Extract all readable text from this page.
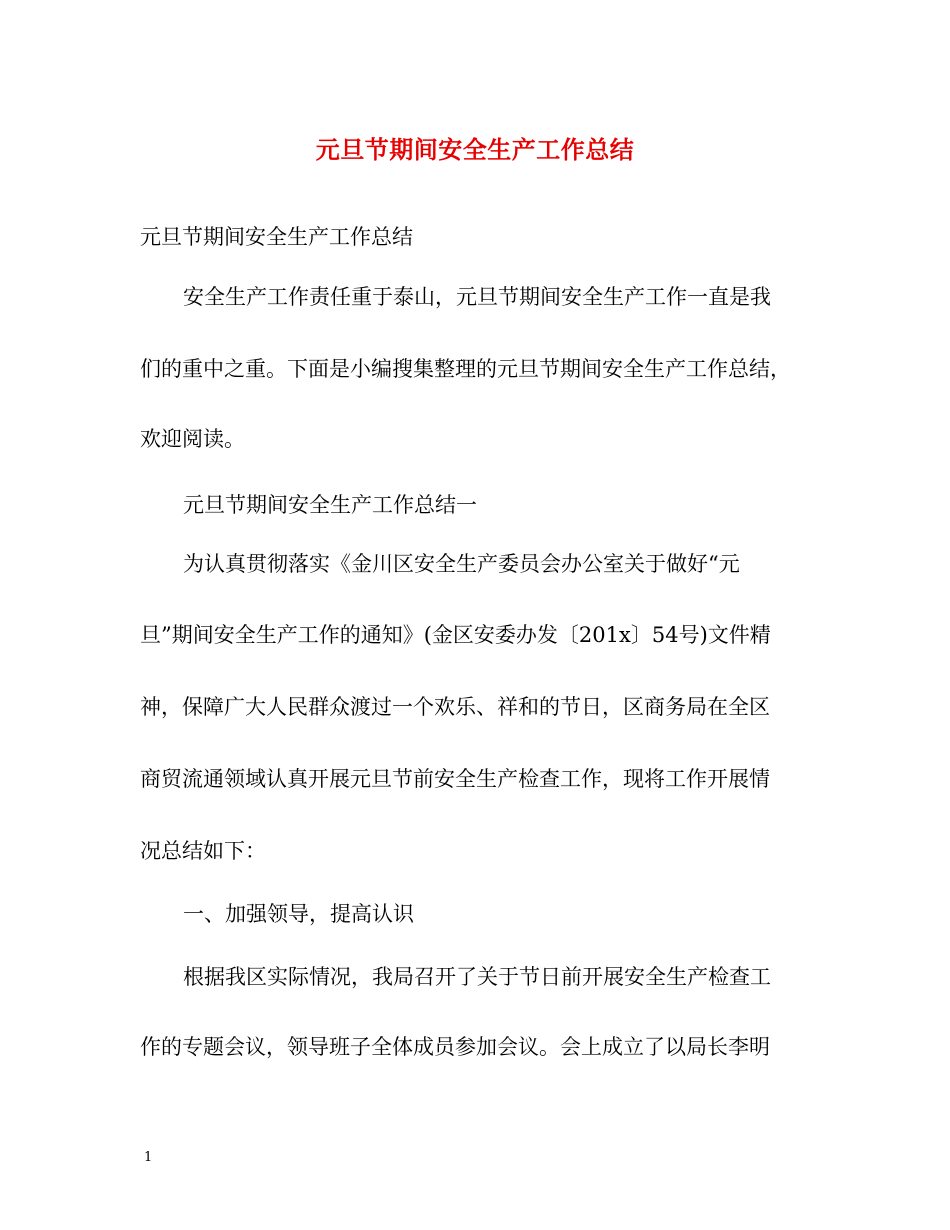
元旦节期间安全生产工作总结
元旦节期间安全生产工作总结
安全生产工作责任重于泰山，元旦节期间安全生产工作一直是我
们的重中之重。下面是小编搜集整理的元旦节期间安全生产工作总结，
欢迎阅读。
元旦节期间安全生产工作总结一
为认真贯彻落实《金川区安全生产委员会办公室关于做好“元
旦”期间安全生产工作的通知》(金区安委办发〔201x〕54号)文件精
神，保障广大人民群众渡过一个欢乐、祥和的节日，区商务局在全区
商贸流通领域认真开展元旦节前安全生产检查工作，现将工作开展情
况总结如下：
一、加强领导，提高认识
根据我区实际情况，我局召开了关于节日前开展安全生产检查工
作的专题会议，领导班子全体成员参加会议。会上成立了以局长李明
1
